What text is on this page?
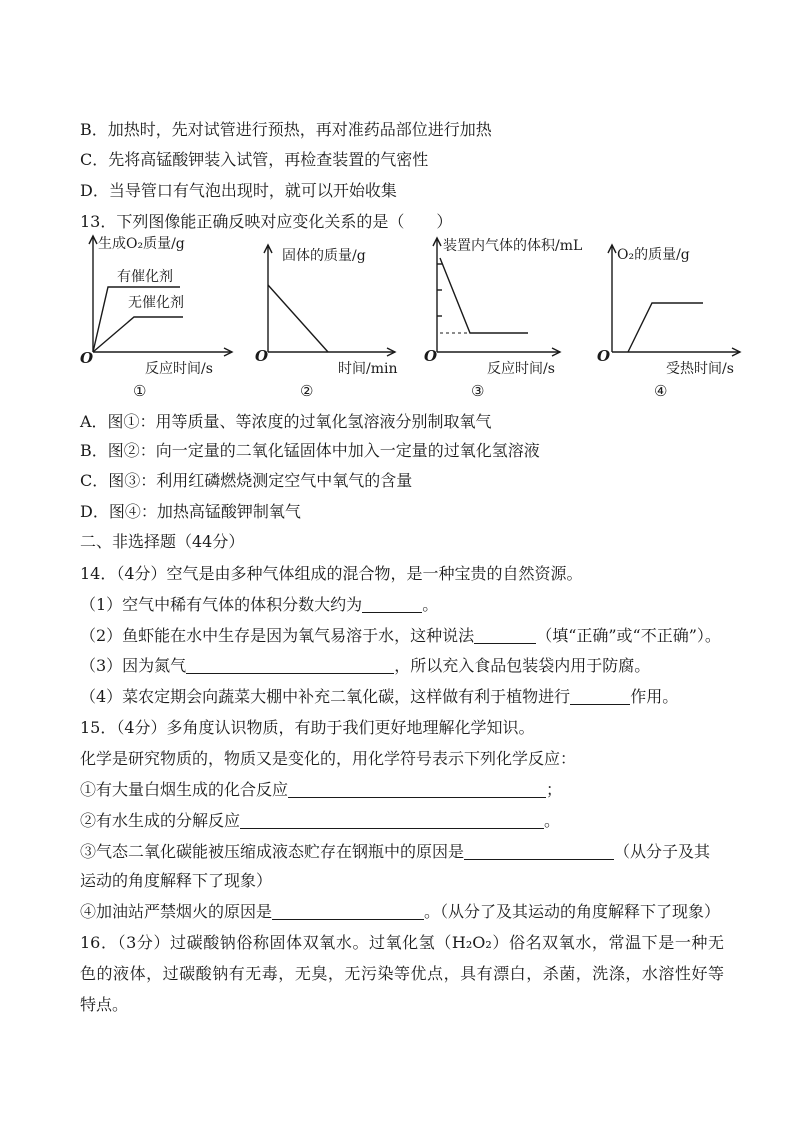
B．加热时，先对试管进行预热，再对准药品部位进行加热
C．先将高锰酸钾装入试管，再检查装置的气密性
D．当导管口有气泡出现时，就可以开始收集
13．下列图像能正确反映对应变化关系的是（　　）
生成O₂质量/g
有催化剂
无催化剂
反应时间/s
O
①
固体的质量/g
时间/min
O
②
装置内气体的体积/mL
反应时间/s
O
③
O₂的质量/g
受热时间/s
O
④
A．图①：用等质量、等浓度的过氧化氢溶液分别制取氧气
B．图②：向一定量的二氧化锰固体中加入一定量的过氧化氢溶液
C．图③：利用红磷燃烧测定空气中氧气的含量
D．图④：加热高锰酸钾制氧气
二、非选择题（44分）
14．（4分）空气是由多种气体组成的混合物，是一种宝贵的自然资源。
（1）空气中稀有气体的体积分数大约为	。
（2）鱼虾能在水中生存是因为氧气易溶于水，这种说法	（填“正确”或“不正确”）。
（3）因为氮气	，所以充入食品包装袋内用于防腐。
（4）菜农定期会向蔬菜大棚中补充二氧化碳，这样做有利于植物进行	作用。
15．（4分）多角度认识物质，有助于我们更好地理解化学知识。
化学是研究物质的，物质又是变化的，用化学符号表示下列化学反应：
①有大量白烟生成的化合反应	；
②有水生成的分解反应	。
③气态二氧化碳能被压缩成液态贮存在钢瓶中的原因是	（从分子及其
运动的角度解释下了现象）
④加油站严禁烟火的原因是	。（从分了及其运动的角度解释下了现象）
16．（3分）过碳酸钠俗称固体双氧水。过氧化氢（H₂O₂）俗名双氧水，常温下是一种无
色的液体，过碳酸钠有无毒，无臭，无污染等优点，具有漂白，杀菌，洗涤，水溶性好等
特点。
